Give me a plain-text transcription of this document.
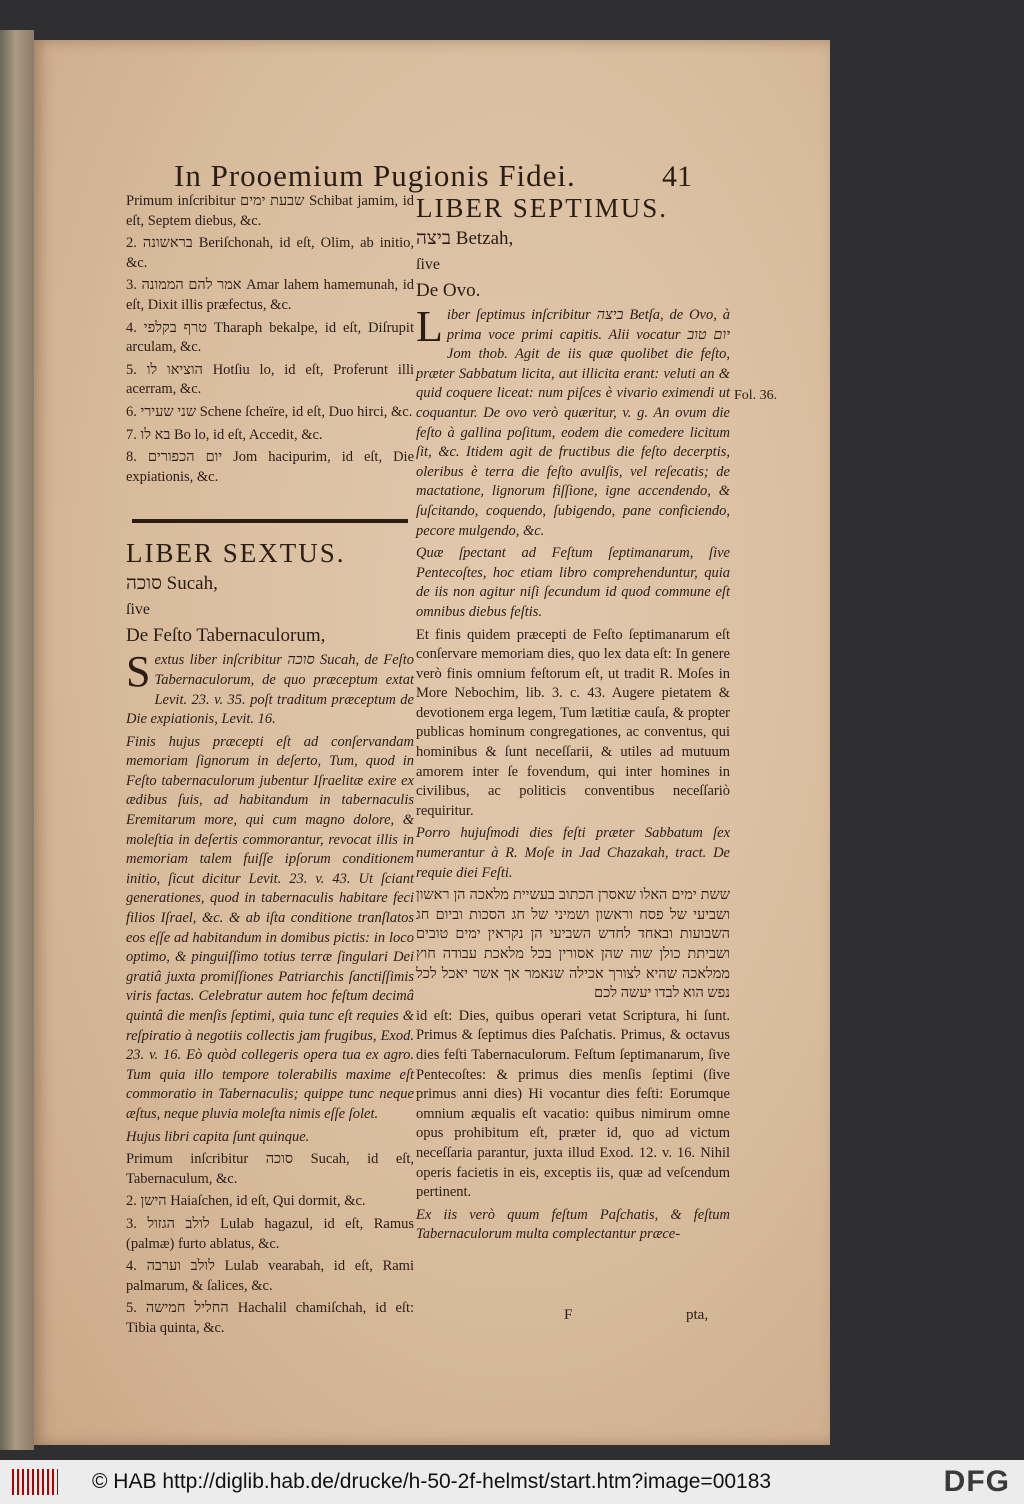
In Prooemium Pugionis Fidei.	41

Primum inſcribitur שבעת ימים Schibat jamim, id eſt, Septem diebus, &c.

2. בראשונה Beriſchonah, id eſt, Olim, ab initio, &c.

3. אמר להם הממונה Amar lahem hamemunah, id eſt, Dixit illis præfectus, &c.

4. טרף בקלפי Tharaph bekalpe, id eſt, Diſrupit arculam, &c.

5. הוציאו לו Hotſiu lo, id eſt, Proferunt illi acerram, &c.

6. שני שעירי Schene ſcheïre, id eſt, Duo hirci, &c.

7. בא לו Bo lo, id eſt, Accedit, &c.

8. יום הכפורים Jom hacipurim, id eſt, Die expiationis, &c.

LIBER SEXTUS.

סוכה Sucah,

ſive

De Feſto Tabernaculorum,

Sextus liber inſcribitur סוכה Sucah, de Feſto Tabernaculorum, de quo præceptum extat Levit. 23. v. 35. poſt traditum præceptum de Die expiationis, Levit. 16.

Finis hujus præcepti eſt ad conſervandam memoriam ſignorum in deſerto, Tum, quod in Feſto tabernaculorum jubentur Iſraelitæ exire ex ædibus ſuis, ad habitandum in tabernaculis Eremitarum more, qui cum magno dolore, & moleſtia in deſertis commorantur, revocat illis in memoriam talem fuiſſe ipſorum conditionem initio, ſicut dicitur Levit. 23. v. 43. Ut ſciant generationes, quod in tabernaculis habitare feci filios Iſrael, &c. & ab iſta conditione tranſlatos eos eſſe ad habitandum in domibus pictis: in loco optimo, & pinguiſſimo totius terræ ſingulari Dei gratiâ juxta promiſſiones Patriarchis ſanctiſſimis viris factas. Celebratur autem hoc feſtum decimâ quintâ die menſis ſeptimi, quia tunc eſt requies & reſpiratio à negotiis collectis jam frugibus, Exod. 23. v. 16. Eò quòd collegeris opera tua ex agro. Tum quia illo tempore tolerabilis maxime eſt commoratio in Tabernaculis; quippe tunc neque æſtus, neque pluvia moleſta nimis eſſe ſolet.

Hujus libri capita ſunt quinque.

Primum inſcribitur סוכה Sucah, id eſt, Tabernaculum, &c.

2. הישן Haiaſchen, id eſt, Qui dormit, &c.

3. לולב הגזול Lulab hagazul, id eſt, Ramus (palmæ) furto ablatus, &c.

4. לולב וערבה Lulab vearabah, id eſt, Rami palmarum, & ſalices, &c.

5. החליל חמישה Hachalil chamiſchah, id eſt: Tibia quinta, &c.

LIBER SEPTIMUS.

ביצה Betzah,

ſive

De Ovo.

Liber ſeptimus inſcribitur ביצה Betſa, de Ovo, à prima voce primi capitis. Alii vocatur יום טוב Jom thob. Agit de iis quæ quolibet die feſto, præter Sabbatum licita, aut illicita erant: veluti an & quid coquere liceat: num piſces è vivario eximendi ut coquantur. De ovo verò quæritur, v. g. An ovum die feſto à gallina poſitum, eodem die comedere licitum ſit, &c. Itidem agit de fructibus die feſto decerptis, oleribus è terra die feſto avulſis, vel reſecatis; de mactatione, lignorum fiſſione, igne accendendo, & ſuſcitando, coquendo, ſubigendo, pane conficiendo, pecore mulgendo, &c.

Quæ ſpectant ad Feſtum ſeptimanarum, ſive Pentecoſtes, hoc etiam libro comprehenduntur, quia de iis non agitur niſi ſecundum id quod commune eſt omnibus diebus feſtis.

Et finis quidem præcepti de Feſto ſeptimanarum eſt conſervare memoriam dies, quo lex data eſt: In genere verò finis omnium feſtorum eſt, ut tradit R. Moſes in More Nebochim, lib. 3. c. 43. Augere pietatem & devotionem erga legem, Tum lætitiæ cauſa, & propter publicas hominum congregationes, ac conventus, qui hominibus & ſunt neceſſarii, & utiles ad mutuum amorem inter ſe fovendum, qui inter homines in civilibus, ac politicis conventibus neceſſariò requiritur.

Porro hujuſmodi dies feſti præter Sabbatum ſex numerantur à R. Moſe in Jad Chazakah, tract. De requie diei Feſti.

ששת ימים האלו שאסרן הכתוב בעשיית מלאכה הן ראשון ושביעי של פסח וראשון ושמיני של חג הסכות וביום חג השבועות ובאחד לחדש השביעי הן נקראין ימים טובים ושביתת כולן שוה שהן אסורין בכל מלאכת עבודה חוץ ממלאכה שהיא לצורך אכילה שנאמר אך אשר יאכל לכל נפש הוא לבדו יעשה לכם

id eſt: Dies, quibus operari vetat Scriptura, hi ſunt. Primus & ſeptimus dies Paſchatis. Primus, & octavus dies feſti Tabernaculorum. Feſtum ſeptimanarum, ſive Pentecoſtes: & primus dies menſis ſeptimi (ſive primus anni dies) Hi vocantur dies feſti: Eorumque omnium æqualis eſt vacatio: quibus nimirum omne opus prohibitum eſt, præter id, quo ad victum neceſſaria parantur, juxta illud Exod. 12. v. 16. Nihil operis facietis in eis, exceptis iis, quæ ad veſcendum pertinent.

Ex iis verò quum feſtum Paſchatis, & feſtum Tabernaculorum multa complectantur præce-

Fol. 36.
F	pta,
© HAB http://diglib.hab.de/drucke/h-50-2f-helmst/start.htm?image=00183	DFG
